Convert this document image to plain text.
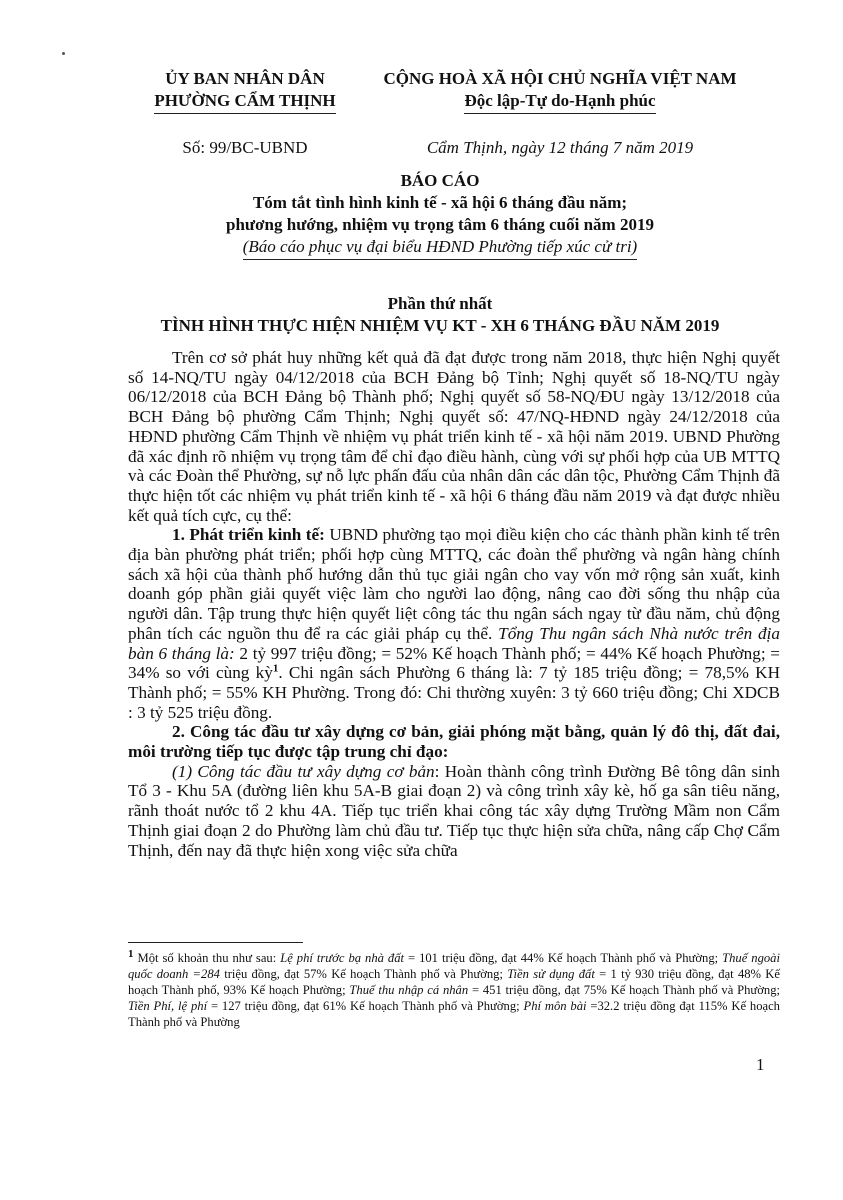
ỦY BAN NHÂN DÂN
PHƯỜNG CẨM THỊNH
CỘNG HOÀ XÃ HỘI CHỦ NGHĨA VIỆT NAM
Độc lập-Tự do-Hạnh phúc
Số: 99/BC-UBND	Cẩm Thịnh, ngày 12 tháng 7 năm 2019
BÁO CÁO
Tóm tắt tình hình kinh tế - xã hội 6 tháng đầu năm;
phương hướng, nhiệm vụ trọng tâm 6 tháng cuối năm 2019
(Báo cáo phục vụ đại biểu HĐND Phường tiếp xúc cử tri)
Phần thứ nhất
TÌNH HÌNH THỰC HIỆN NHIỆM VỤ KT - XH 6 THÁNG ĐẦU NĂM 2019

Trên cơ sở phát huy những kết quả đã đạt được trong năm 2018, thực hiện Nghị quyết số 14-NQ/TU ngày 04/12/2018 của BCH Đảng bộ Tỉnh; Nghị quyết số 18-NQ/TU ngày 06/12/2018 của BCH Đảng bộ Thành phố; Nghị quyết số 58-NQ/ĐU ngày 13/12/2018 của BCH Đảng bộ phường Cẩm Thịnh; Nghị quyết số: 47/NQ-HĐND ngày 24/12/2018 của HĐND phường Cẩm Thịnh về nhiệm vụ phát triển kinh tế - xã hội năm 2019. UBND Phường đã xác định rõ nhiệm vụ trọng tâm để chỉ đạo điều hành, cùng với sự phối hợp của UB MTTQ và các Đoàn thể Phường, sự nỗ lực phấn đấu của nhân dân các dân tộc, Phường Cẩm Thịnh đã thực hiện tốt các nhiệm vụ phát triển kinh tế - xã hội 6 tháng đầu năm 2019 và đạt được nhiều kết quả tích cực, cụ thể:

1. Phát triển kinh tế: UBND phường tạo mọi điều kiện cho các thành phần kinh tế trên địa bàn phường phát triển; phối hợp cùng MTTQ, các đoàn thể phường và ngân hàng chính sách xã hội của thành phố hướng dẫn thủ tục giải ngân cho vay vốn mở rộng sản xuất, kinh doanh góp phần giải quyết việc làm cho người lao động, nâng cao đời sống thu nhập của người dân. Tập trung thực hiện quyết liệt công tác thu ngân sách ngay từ đầu năm, chủ động phân tích các nguồn thu để ra các giải pháp cụ thể. Tổng Thu ngân sách Nhà nước trên địa bàn 6 tháng là: 2 tỷ 997 triệu đồng; = 52% Kế hoạch Thành phố; = 44% Kế hoạch Phường; = 34% so với cùng kỳ$^1$. Chi ngân sách Phường 6 tháng là: 7 tỷ 185 triệu đồng; = 78,5% KH Thành phố; = 55% KH Phường. Trong đó: Chi thường xuyên: 3 tỷ 660 triệu đồng; Chi XDCB : 3 tỷ 525 triệu đồng.

2. Công tác đầu tư xây dựng cơ bản, giải phóng mặt bằng, quản lý đô thị, đất đai, môi trường tiếp tục được tập trung chỉ đạo:

(1) Công tác đầu tư xây dựng cơ bản: Hoàn thành công trình Đường Bê tông dân sinh Tổ 3 - Khu 5A (đường liên khu 5A-B giai đoạn 2) và công trình xây kè, hố ga sân tiêu năng, rãnh thoát nước tổ 2 khu 4A. Tiếp tục triển khai công tác xây dựng Trường Mầm non Cẩm Thịnh giai đoạn 2 do Phường làm chủ đầu tư. Tiếp tục thực hiện sửa chữa, nâng cấp Chợ Cẩm Thịnh, đến nay đã thực hiện xong việc sửa chữa

$^1$ Một số khoản thu như sau: Lệ phí trước bạ nhà đất = 101 triệu đồng, đạt 44% Kế hoạch Thành phố và Phường; Thuế ngoài quốc doanh =284 triệu đồng, đạt 57% Kế hoạch Thành phố và Phường; Tiền sử dụng đất = 1 tỷ 930 triệu đồng, đạt 48% Kế hoạch Thành phố, 93% Kế hoạch Phường; Thuế thu nhập cá nhân = 451 triệu đồng, đạt 75% Kế hoạch Thành phố và Phường; Tiền Phí, lệ phí = 127 triệu đồng, đạt 61% Kế hoạch Thành phố và Phường; Phí môn bài =32.2 triệu đồng đạt 115% Kế hoạch Thành phố và Phường
1
